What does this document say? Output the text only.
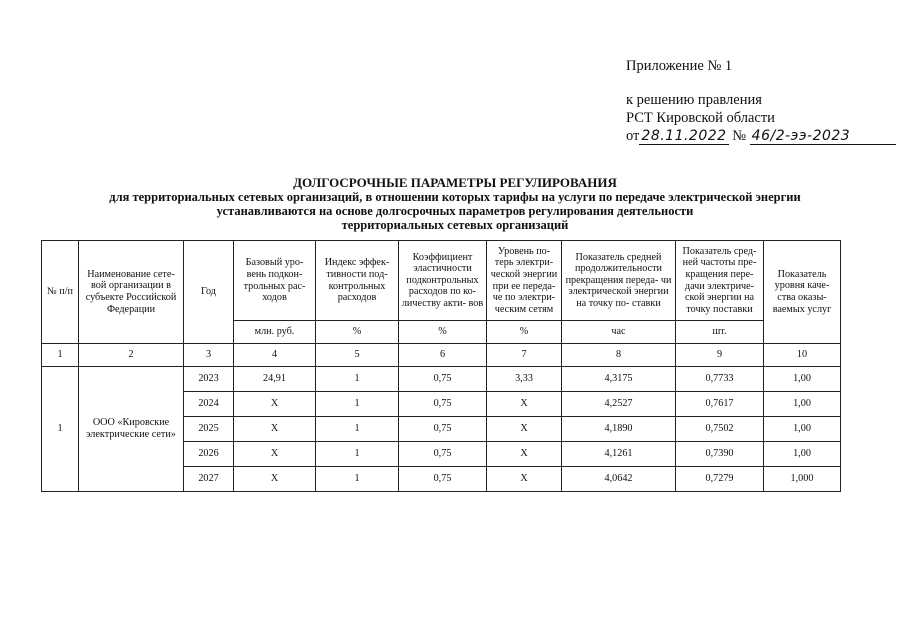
Приложение № 1
к решению правления
РСТ Кировской области
от 28.11.2022 № 46/2-ээ-2023
ДОЛГОСРОЧНЫЕ ПАРАМЕТРЫ РЕГУЛИРОВАНИЯ
для территориальных сетевых организаций, в отношении которых тарифы на услуги по передаче электрической энергии
устанавливаются на основе долгосрочных параметров регулирования деятельности
территориальных сетевых организаций
№ п/п	Наименование сете- вой организации в субъекте Российской Федерации	Год	Базовый уро- вень подкон- трольных рас- ходов	Индекс эффек- тивности под- контрольных расходов	Коэффициент эластичности подконтрольных расходов по ко- личеству акти- вов	Уровень по- терь электри- ческой энергии при ее переда- че по электри- ческим сетям	Показатель средней продолжительности прекращения переда- чи электрической энергии на точку по- ставки	Показатель сред- ней частоты пре- кращения пере- дачи электриче- ской энергии на точку поставки	Показатель уровня каче- ства оказы- ваемых услуг
			млн. руб.	%	%	%	час	шт.	
1	2	3	4	5	6	7	8	9	10
1	ООО «Кировские электрические сети»	2023	24,91	1	0,75	3,33	4,3175	0,7733	1,00
		2024	X	1	0,75	X	4,2527	0,7617	1,00
		2025	X	1	0,75	X	4,1890	0,7502	1,00
		2026	X	1	0,75	X	4,1261	0,7390	1,00
		2027	X	1	0,75	X	4,0642	0,7279	1,000
